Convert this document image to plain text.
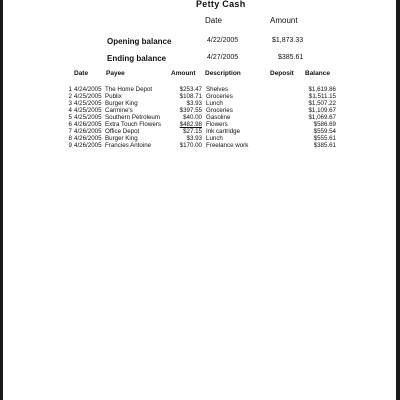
Petty Cash
Date	Amount
Opening balance	4/22/2005	$1,873.33
Ending balance	4/27/2005	$385.61
Date	Payee	Amount Description	Deposit Balance
1 4/24/2005 The Home Depot	$253.47 Shelves	$1,619.86
2 4/25/2005 Publix	$108.71 Groceries	$1,511.15
3 4/25/2005 Burger King	$3.93 Lunch	$1,507.22
4 4/25/2005 Carmine's	$397.55 Groceries	$1,109.67
5 4/25/2005 Southern Petroleum	$40.00 Gasoline	$1,069.67
6 4/26/2005 Extra Touch Flowers	$482.98 Flowers	$586.69
7 4/26/2005 Office Depot	$27.15 Ink cartridge	$559.54
8 4/26/2005 Burger King	$3.93 Lunch	$555.61
9 4/26/2005 Francies Antoine	$170.00 Freelance work	$385.61
